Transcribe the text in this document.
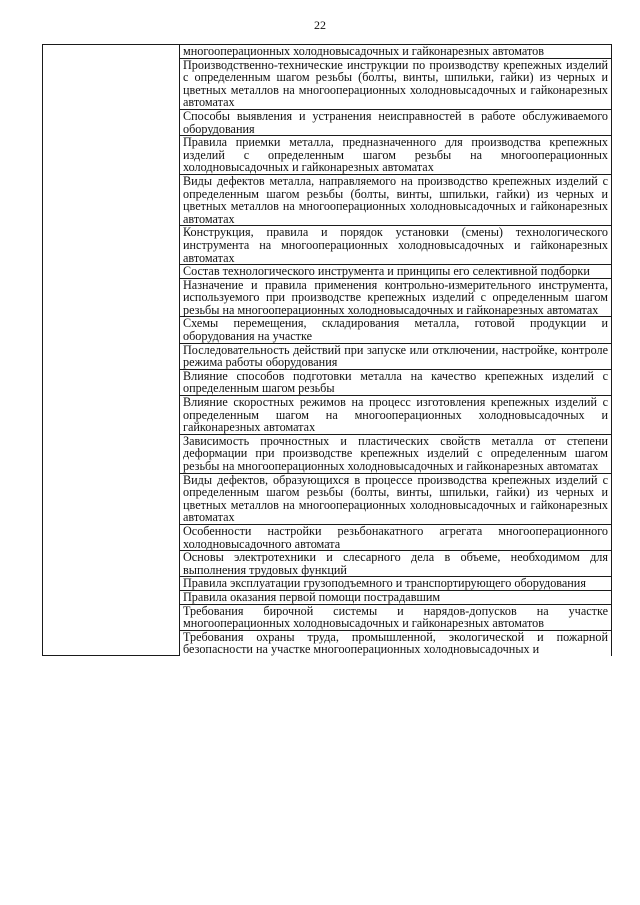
22
	многооперационных холодновысадочных и гайконарезных автоматов
Производственно-технические инструкции по производству крепежных изделий с определенным шагом резьбы (болты, винты, шпильки, гайки) из черных и цветных металлов на многооперационных холодновысадочных и гайконарезных автоматах
Способы выявления и устранения неисправностей в работе обслуживаемого оборудования
Правила приемки металла, предназначенного для производства крепежных изделий с определенным шагом резьбы на многооперационных холодновысадочных и гайконарезных автоматах
Виды дефектов металла, направляемого на производство крепежных изделий с определенным шагом резьбы (болты, винты, шпильки, гайки) из черных и цветных металлов на многооперационных холодновысадочных и гайконарезных автоматах
Конструкция, правила и порядок установки (смены) технологического инструмента на многооперационных холодновысадочных и гайконарезных автоматах
Состав технологического инструмента и принципы его селективной подборки
Назначение и правила применения контрольно-измерительного инструмента, используемого при производстве крепежных изделий с определенным шагом резьбы на многооперационных холодновысадочных и гайконарезных автоматах
Схемы перемещения, складирования металла, готовой продукции и оборудования на участке
Последовательность действий при запуске или отключении, настройке, контроле режима работы оборудования
Влияние способов подготовки металла на качество крепежных изделий с определенным шагом резьбы
Влияние скоростных режимов на процесс изготовления крепежных изделий с определенным шагом на многооперационных холодновысадочных и гайконарезных автоматах
Зависимость прочностных и пластических свойств металла от степени деформации при производстве крепежных изделий с определенным шагом резьбы на многооперационных холодновысадочных и гайконарезных автоматах
Виды дефектов, образующихся в процессе производства крепежных изделий с определенным шагом резьбы (болты, винты, шпильки, гайки) из черных и цветных металлов на многооперационных холодновысадочных и гайконарезных автоматах
Особенности настройки резьбонакатного агрегата многооперационного холодновысадочного автомата
Основы электротехники и слесарного дела в объеме, необходимом для выполнения трудовых функций
Правила эксплуатации грузоподъемного и транспортирующего оборудования
Правила оказания первой помощи пострадавшим
Требования бирочной системы и нарядов-допусков на участке многооперационных холодновысадочных и гайконарезных автоматов
Требования охраны труда, промышленной, экологической и пожарной безопасности на участке многооперационных холодновысадочных и
